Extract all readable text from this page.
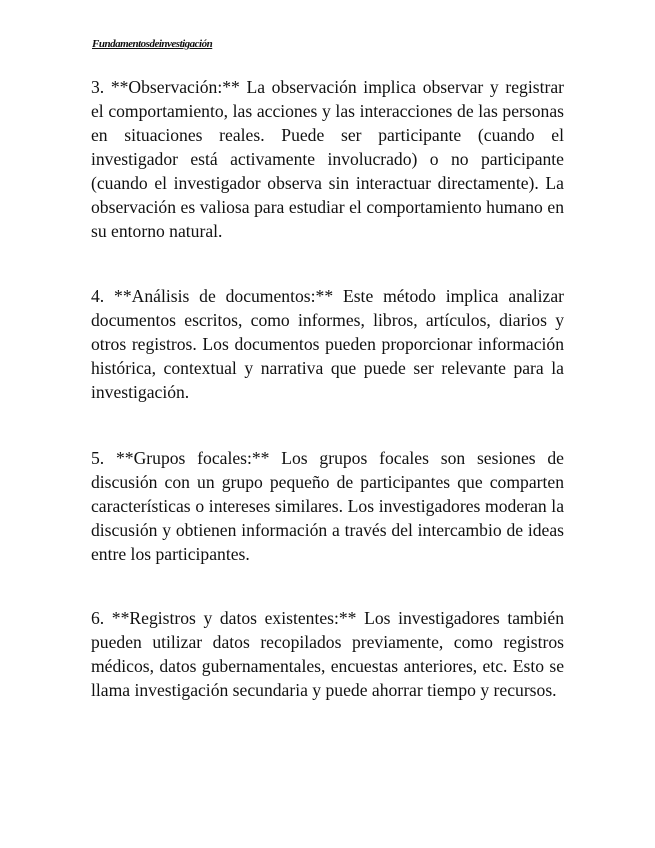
Fundamentosdeinvestigación

3. **Observación:** La observación implica observar y registrar el comportamiento, las acciones y las interacciones de las personas en situaciones reales. Puede ser participante (cuando el investigador está activamente involucrado) o no participante (cuando el investigador observa sin interactuar directamente). La observación es valiosa para estudiar el comportamiento humano en su entorno natural.

4. **Análisis de documentos:** Este método implica analizar documentos escritos, como informes, libros, artículos, diarios y otros registros. Los documentos pueden proporcionar información histórica, contextual y narrativa que puede ser relevante para la investigación.

5. **Grupos focales:** Los grupos focales son sesiones de discusión con un grupo pequeño de participantes que comparten características o intereses similares. Los investigadores moderan la discusión y obtienen información a través del intercambio de ideas entre los participantes.

6. **Registros y datos existentes:** Los investigadores también pueden utilizar datos recopilados previamente, como registros médicos, datos gubernamentales, encuestas anteriores, etc. Esto se llama investigación secundaria y puede ahorrar tiempo y recursos.
